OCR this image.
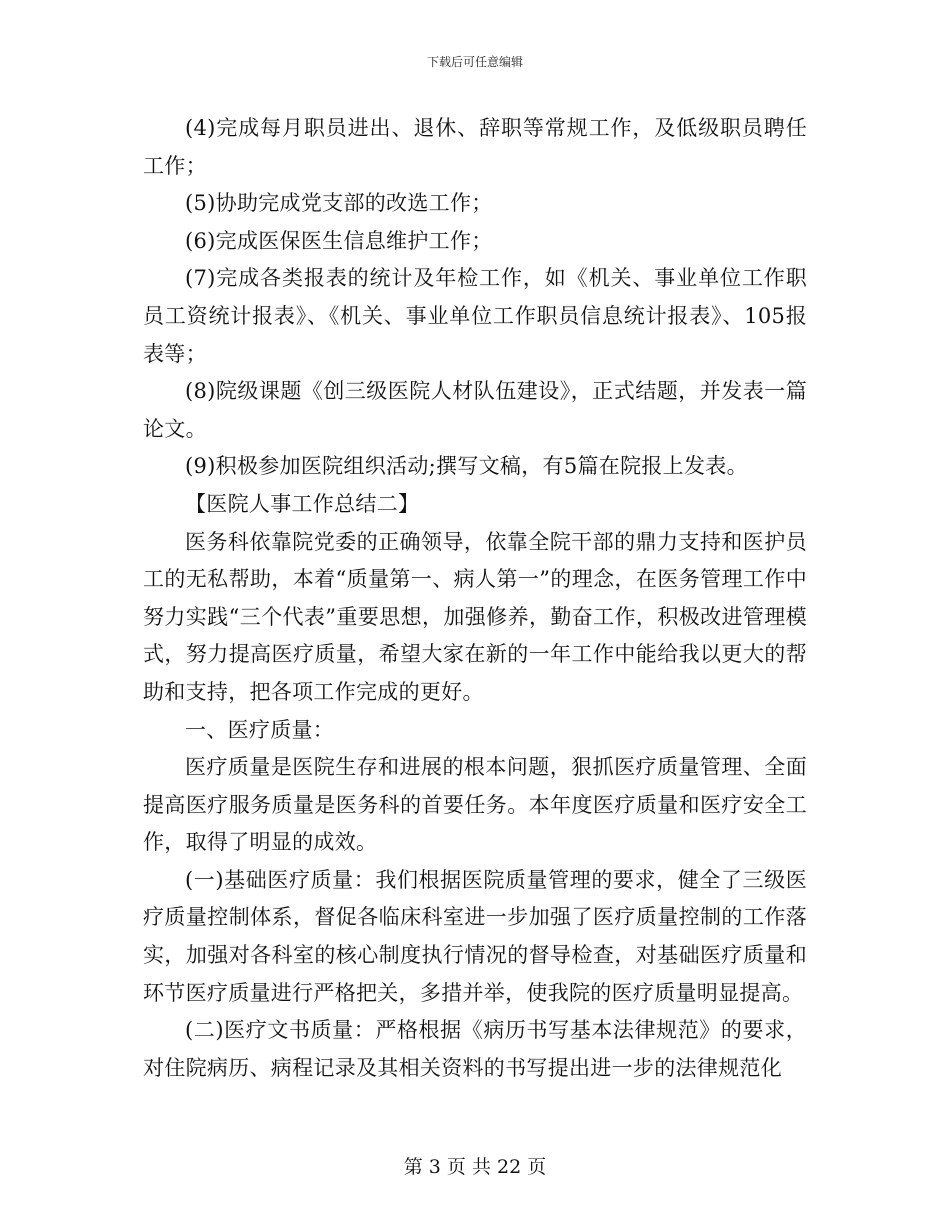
下载后可任意编辑

(4)完成每月职员进出、退休、辞职等常规工作，及低级职员聘任工作；

(5)协助完成党支部的改选工作；

(6)完成医保医生信息维护工作；

(7)完成各类报表的统计及年检工作，如《机关、事业单位工作职员工资统计报表》、《机关、事业单位工作职员信息统计报表》、105报表等；

(8)院级课题《创三级医院人材队伍建设》，正式结题，并发表一篇论文。

(9)积极参加医院组织活动;撰写文稿，有5篇在院报上发表。

【医院人事工作总结二】

医务科依靠院党委的正确领导，依靠全院干部的鼎力支持和医护员工的无私帮助，本着“质量第一、病人第一”的理念，在医务管理工作中努力实践“三个代表”重要思想，加强修养，勤奋工作，积极改进管理模式，努力提高医疗质量，希望大家在新的一年工作中能给我以更大的帮助和支持，把各项工作完成的更好。

一、医疗质量：

医疗质量是医院生存和进展的根本问题，狠抓医疗质量管理、全面提高医疗服务质量是医务科的首要任务。本年度医疗质量和医疗安全工作，取得了明显的成效。

(一)基础医疗质量：我们根据医院质量管理的要求，健全了三级医疗质量控制体系，督促各临床科室进一步加强了医疗质量控制的工作落实，加强对各科室的核心制度执行情况的督导检查，对基础医疗质量和环节医疗质量进行严格把关，多措并举，使我院的医疗质量明显提高。

(二)医疗文书质量：严格根据《病历书写基本法律规范》的要求，对住院病历、病程记录及其相关资料的书写提出进一步的法律规范化

第 3 页 共 22 页
